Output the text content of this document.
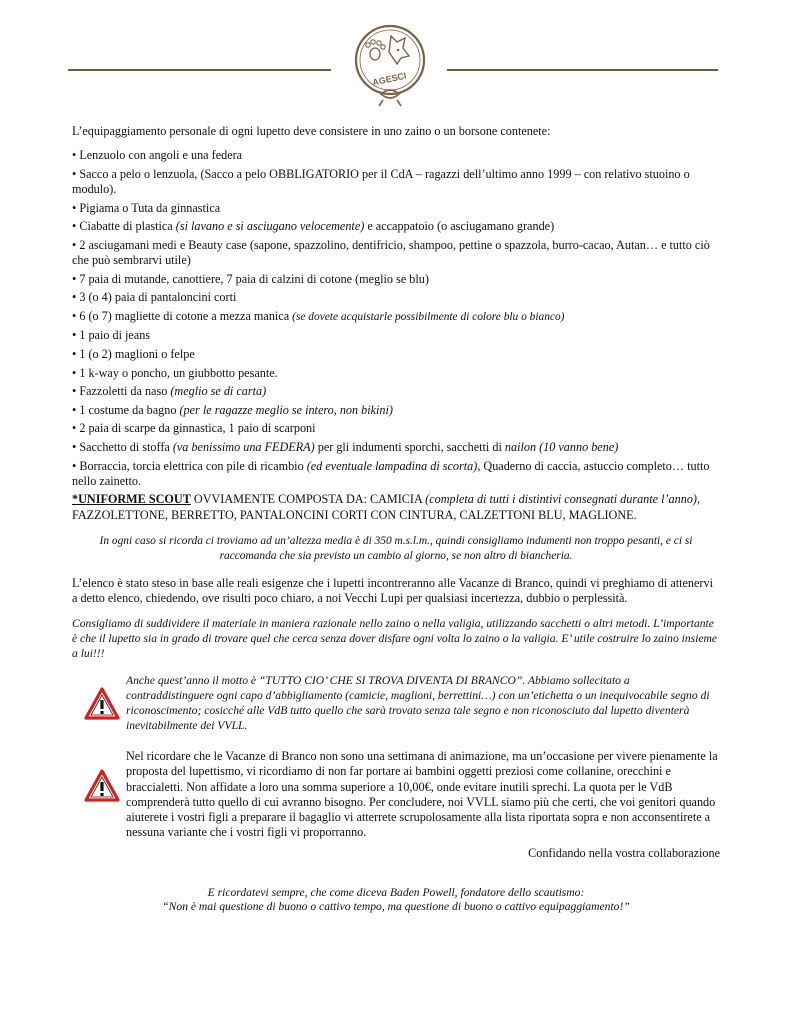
AGESCI

L’equipaggiamento personale di ogni lupetto deve consistere in uno zaino o un borsone contenete:

• Lenzuolo con angoli e una federa

• Sacco a pelo o lenzuola, (Sacco a pelo OBBLIGATORIO per il CdA – ragazzi dell’ultimo anno 1999 – con relativo stuoino o modulo).

• Pigiama o Tuta da ginnastica

• Ciabatte di plastica (si lavano e si asciugano velocemente) e accappatoio (o asciugamano grande)

• 2 asciugamani medi e Beauty case (sapone, spazzolino, dentifricio, shampoo, pettine o spazzola, burro-cacao, Autan… e tutto ciò che può sembrarvi utile)

• 7 paia di mutande, canottiere, 7 paia di calzini di cotone (meglio se blu)

• 3 (o 4) paia di pantaloncini corti

• 6 (o 7) magliette di cotone a mezza manica (se dovete acquistarle possibilmente di colore blu o bianco)

• 1 paio di jeans

• 1 (o 2) maglioni o felpe

• 1 k-way o poncho, un giubbotto pesante.

• Fazzoletti da naso (meglio se di carta)

• 1 costume da bagno (per le ragazze meglio se intero, non bikini)

• 2 paia di scarpe da ginnastica, 1 paio di scarponi

• Sacchetto di stoffa (va benissimo una FEDERA) per gli indumenti sporchi, sacchetti di nailon (10 vanno bene)

• Borraccia, torcia elettrica con pile di ricambio (ed eventuale lampadina di scorta), Quaderno di caccia, astuccio completo… tutto nello zainetto.

*UNIFORME SCOUT OVVIAMENTE COMPOSTA DA: CAMICIA (completa di tutti i distintivi consegnati durante l’anno), FAZZOLETTONE, BERRETTO, PANTALONCINI CORTI CON CINTURA, CALZETTONI BLU, MAGLIONE.

In ogni caso si ricorda ci troviamo ad un’altezza media è di 350 m.s.l.m., quindi consigliamo indumenti non troppo pesanti, e ci si raccomanda che sia previsto un cambio al giorno, se non altro di biancheria.

L’elenco è stato steso in base alle reali esigenze che i lupetti incontreranno alle Vacanze di Branco, quindi vi preghiamo di attenervi a detto elenco, chiedendo, ove risulti poco chiaro, a noi Vecchi Lupi per qualsiasi incertezza, dubbio o perplessità.

Consigliamo di suddividere il materiale in maniera razionale nello zaino o nella valigia, utilizzando sacchetti o altri metodi. L’importante è che il lupetto sia in grado di trovare quel che cerca senza dover disfare ogni volta lo zaino o la valigia. E’ utile costruire lo zaino insieme a lui!!!

Anche quest’anno il motto è “TUTTO CIO’ CHE SI TROVA DIVENTA DI BRANCO”. Abbiamo sollecitato a contraddistinguere ogni capo d’abbigliamento (camicie, maglioni, berrettini…) con un’etichetta o un inequivocabile segno di riconoscimento; cosicché alle VdB tutto quello che sarà trovato senza tale segno e non riconosciuto dal lupetto diventerà inevitabilmente dei VVLL.

Nel ricordare che le Vacanze di Branco non sono una settimana di animazione, ma un’occasione per vivere pienamente la proposta del lupettismo, vi ricordiamo di non far portare ai bambini oggetti preziosi come collanine, orecchini e braccialetti. Non affidate a loro una somma superiore a 10,00€, onde evitare inutili sprechi. La quota per le VdB comprenderà tutto quello di cui avranno bisogno. Per concludere, noi VVLL siamo più che certi, che voi genitori quando aiuterete i vostri figli a preparare il bagaglio vi atterrete scrupolosamente alla lista riportata sopra e non acconsentirete a nessuna variante che i vostri figli vi proporranno.

Confidando nella vostra collaborazione

E ricordatevi sempre, che come diceva Baden Powell, fondatore dello scautismo:

“Non è mai questione di buono o cattivo tempo, ma questione di buono o cattivo equipaggiamento!”
